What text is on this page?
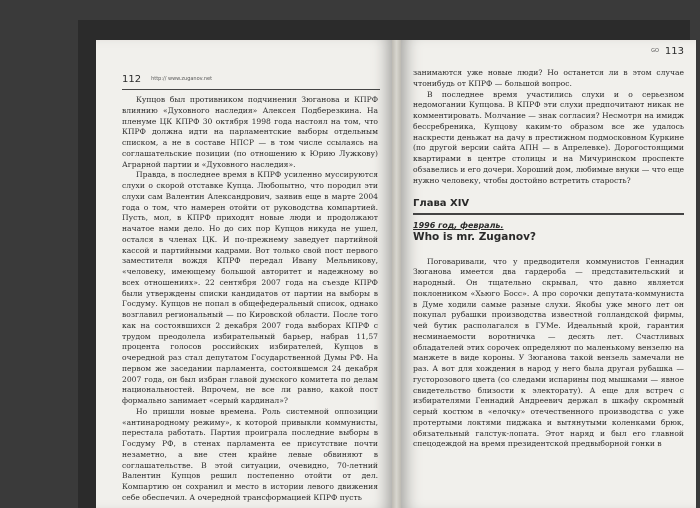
112 http:// www.zuganov.net

Купцов был противником подчинения Зюганова и КПРФ влиянию «Духовного наследия» Алексея Подберезкина. На пленуме ЦК КПРФ 30 октября 1998 года настоял на том, что КПРФ должна идти на парламентские выборы отдельным списком, а не в составе НПСР — в том числе ссылаясь на соглашательские позиции (по отношению к Юрию Лужкову) Аграрной партии и «Духовного наследия».

Правда, в последнее время в КПРФ усиленно муссируются слухи о скорой отставке Купца. Любопытно, что породил эти слухи сам Валентин Александрович, заявив еще в марте 2004 года о том, что намерен отойти от руководства компартией. Пусть, мол, в КПРФ приходят новые люди и продолжают начатое нами дело. Но до сих пор Купцов никуда не ушел, остался в членах ЦК. И по-прежнему заведует партийной кассой и партийными кадрами. Вот только свой пост первого заместителя вождя КПРФ передал Ивану Мельникову, «человеку, имеющему большой авторитет и надежному во всех отношениях». 22 сентября 2007 года на съезде КПРФ были утверждены списки кандидатов от партии на выборы в Госдуму. Купцов не попал в общефедеральный список, однако возглавил региональный — по Кировской области. После того как на состоявшихся 2 декабря 2007 года выборах КПРФ с трудом преодолела избирательный барьер, набрав 11,57 процента голосов российских избирателей, Купцов в очередной раз стал депутатом Государственной Думы РФ. На первом же заседании парламента, состоявшемся 24 декабря 2007 года, он был избран главой думского комитета по делам национальностей. Впрочем, не все ли равно, какой пост формально занимает «серый кардинал»?

Но пришли новые времена. Роль системной оппозиции «антинародному режиму», к которой привыкли коммунисты, перестала работать. Партия проиграла последние выборы в Госдуму РФ, в стенах парламента ее присутствие почти незаметно, а вне стен крайне левые обвиняют в соглашательстве. В этой ситуации, очевидно, 70-летний Валентин Купцов решил постепенно отойти от дел. Компартию он сохранил и место в истории левого движения себе обеспечил. А очередной трансформацией КПРФ пусть

занимаются уже новые люди? Но останется ли в этом случае чтонибудь от КПРФ — большой вопрос.

В последнее время участились слухи и о серьезном недомогании Купцова. В КПРФ эти слухи предпочитают никак не комментировать. Молчание — знак согласия? Несмотря на имидж бессребреника, Купцову каким-то образом все же удалось наскрести деньжат на дачу в престижном подмосковном Куркине (по другой версии сайта АПН — в Апрелевке). Дорогостоящими квартирами в центре столицы и на Мичуринском проспекте обзавелись и его дочери. Хороший дом, любимые внуки — что еще нужно человеку, чтобы достойно встретить старость?

Глава XIV

1996 год, февраль.

Who is mr. Zuganov?

Поговаривали, что у предводителя коммунистов Геннадия Зюганова имеется два гардероба — представительский и народный. Он тщательно скрывал, что давно является поклонником «Хьюго Босс». А про сорочки депутата-коммуниста в Думе ходили самые разные слухи. Якобы уже много лет он покупал рубашки производства известной голландской фирмы, чей бутик располагался в ГУМе. Идеальный крой, гарантия несминаемости воротничка — десять лет. Счастливых обладателей этих сорочек определяют по маленькому вензелю на манжете в виде короны. У Зюганова такой вензель замечали не раз. А вот для хождения в народ у него была другая рубашка — густорозового цвета (со следами испарины под мышками — явное свидетельство близости к электорату). А еще для встреч с избирателями Геннадий Андреевич держал в шкафу скромный серый костюм в «елочку» отечественного производства с уже протертыми локтями пиджака и вытянутыми коленками брюк, обязательный галстук-лопата. Этот наряд и был его главной спецодеждой на время президентской предвыборной гонки в

GO 113
